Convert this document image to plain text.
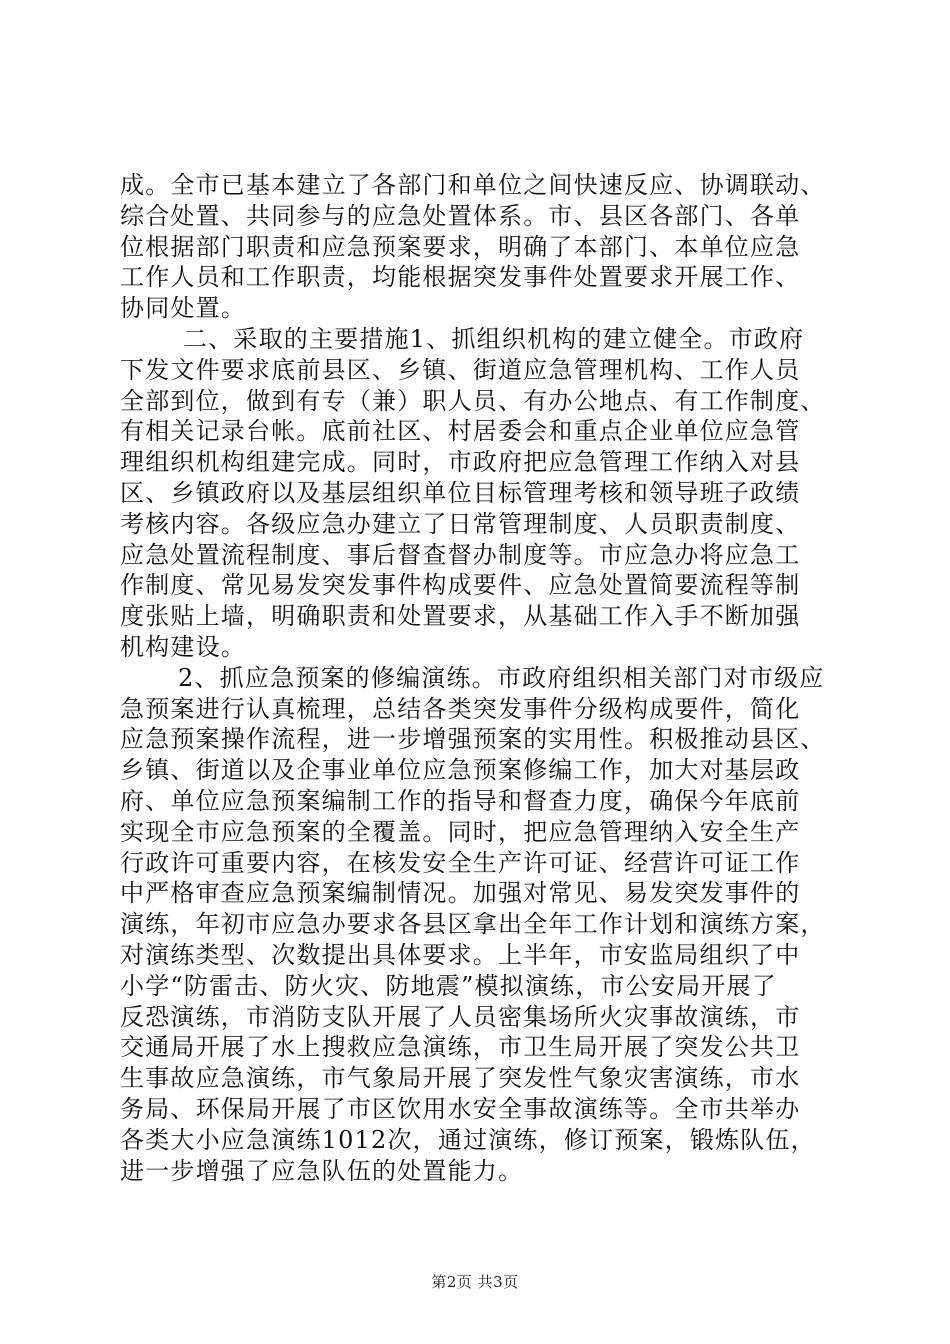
成。全市已基本建立了各部门和单位之间快速反应、协调联动、
综合处置、共同参与的应急处置体系。市、县区各部门、各单
位根据部门职责和应急预案要求，明确了本部门、本单位应急
工作人员和工作职责，均能根据突发事件处置要求开展工作、
协同处置。
二、采取的主要措施1、抓组织机构的建立健全。市政府
下发文件要求底前县区、乡镇、街道应急管理机构、工作人员
全部到位，做到有专（兼）职人员、有办公地点、有工作制度、
有相关记录台帐。底前社区、村居委会和重点企业单位应急管
理组织机构组建完成。同时，市政府把应急管理工作纳入对县
区、乡镇政府以及基层组织单位目标管理考核和领导班子政绩
考核内容。各级应急办建立了日常管理制度、人员职责制度、
应急处置流程制度、事后督查督办制度等。市应急办将应急工
作制度、常见易发突发事件构成要件、应急处置简要流程等制
度张贴上墙，明确职责和处置要求，从基础工作入手不断加强
机构建设。
2、抓应急预案的修编演练。市政府组织相关部门对市级应
急预案进行认真梳理，总结各类突发事件分级构成要件，简化
应急预案操作流程，进一步增强预案的实用性。积极推动县区、
乡镇、街道以及企事业单位应急预案修编工作，加大对基层政
府、单位应急预案编制工作的指导和督查力度，确保今年底前
实现全市应急预案的全覆盖。同时，把应急管理纳入安全生产
行政许可重要内容，在核发安全生产许可证、经营许可证工作
中严格审查应急预案编制情况。加强对常见、易发突发事件的
演练，年初市应急办要求各县区拿出全年工作计划和演练方案，
对演练类型、次数提出具体要求。上半年，市安监局组织了中
小学“防雷击、防火灾、防地震”模拟演练，市公安局开展了
反恐演练，市消防支队开展了人员密集场所火灾事故演练，市
交通局开展了水上搜救应急演练，市卫生局开展了突发公共卫
生事故应急演练，市气象局开展了突发性气象灾害演练，市水
务局、环保局开展了市区饮用水安全事故演练等。全市共举办
各类大小应急演练1012次，通过演练，修订预案，锻炼队伍，
进一步增强了应急队伍的处置能力。
第2页 共3页
